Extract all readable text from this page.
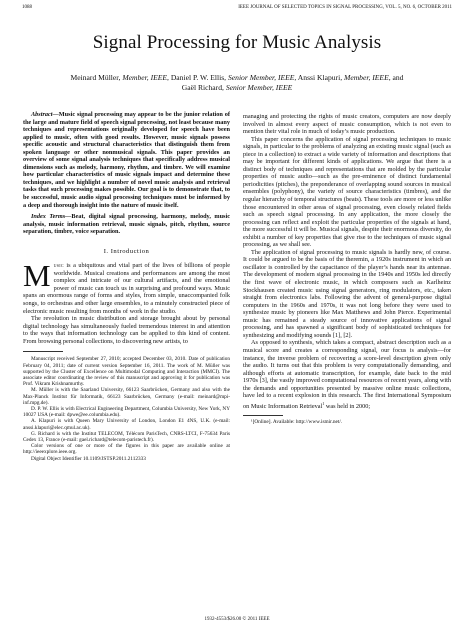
1088	IEEE JOURNAL OF SELECTED TOPICS IN SIGNAL PROCESSING, VOL. 5, NO. 6, OCTOBER 2011
Signal Processing for Music Analysis
Meinard Müller, Member, IEEE, Daniel P. W. Ellis, Senior Member, IEEE, Anssi Klapuri, Member, IEEE, and
Gaël Richard, Senior Member, IEEE

Abstract—Music signal processing may appear to be the junior relation of the large and mature field of speech signal processing, not least because many techniques and representations originally developed for speech have been applied to music, often with good results. However, music signals possess specific acoustic and structural characteristics that distinguish them from spoken language or other nonmusical signals. This paper provides an overview of some signal analysis techniques that specifically address musical dimensions such as melody, harmony, rhythm, and timbre. We will examine how particular characteristics of music signals impact and determine these techniques, and we highlight a number of novel music analysis and retrieval tasks that such processing makes possible. Our goal is to demonstrate that, to be successful, music audio signal processing techniques must be informed by a deep and thorough insight into the nature of music itself.

Index Terms—Beat, digital signal processing, harmony, melody, music analysis, music information retrieval, music signals, pitch, rhythm, source separation, timbre, voice separation.

I. Introduction

Music is a ubiquitous and vital part of the lives of billions of people worldwide. Musical creations and performances are among the most complex and intricate of our cultural artifacts, and the emotional power of music can touch us in surprising and profound ways. Music spans an enormous range of forms and styles, from simple, unaccompanied folk songs, to orchestras and other large ensembles, to a minutely constructed piece of electronic music resulting from months of work in the studio.

The revolution in music distribution and storage brought about by personal digital technology has simultaneously fueled tremendous interest in and attention to the ways that information technology can be applied to this kind of content. From browsing personal collections, to discovering new artists, to

Manuscript received September 27, 2010; accepted December 03, 2010. Date of publication February 04, 2011; date of current version September 16, 2011. The work of M. Müller was supported by the Cluster of Excellence on Multimodal Computing and Interaction (MMCI). The associate editor coordinating the review of this manuscript and approving it for publication was Prof. Vikram Krishnamurthy.

M. Müller is with the Saarland University, 66123 Saarbrücken, Germany and also with the Max-Planck Institut für Informatik, 66123 Saarbrücken, Germany (e-mail: meinard@mpi-inf.mpg.de).

D. P. W. Ellis is with Electrical Engineering Department, Columbia University, New York, NY 10027 USA (e-mail: dpwe@ee.columbia.edu).

A. Klapuri is with Queen Mary University of London, London E1 4NS, U.K. (e-mail: anssi.klapuri@elec.qmul.ac.uk).

G. Richard is with the Institut TELECOM, Télécom ParisTech, CNRS-LTCI, F-75634 Paris Cedex 13, France (e-mail: gael.richard@telecom-paristech.fr).

Color versions of one or more of the figures in this paper are available online at http://ieeexplore.ieee.org.

Digital Object Identifier 10.1109/JSTSP.2011.2112333

managing and protecting the rights of music creators, computers are now deeply involved in almost every aspect of music consumption, which is not even to mention their vital role in much of today’s music production.

This paper concerns the application of signal processing techniques to music signals, in particular to the problems of analyzing an existing music signal (such as piece in a collection) to extract a wide variety of information and descriptions that may be important for different kinds of applications. We argue that there is a distinct body of techniques and representations that are molded by the particular properties of music audio—such as the pre-eminence of distinct fundamental periodicities (pitches), the preponderance of overlapping sound sources in musical ensembles (polyphony), the variety of source characteristics (timbres), and the regular hierarchy of temporal structures (beats). These tools are more or less unlike those encountered in other areas of signal processing, even closely related fields such as speech signal processing. In any application, the more closely the processing can reflect and exploit the particular properties of the signals at hand, the more successful it will be. Musical signals, despite their enormous diversity, do exhibit a number of key properties that give rise to the techniques of music signal processing, as we shall see.

The application of signal processing to music signals is hardly new, of course. It could be argued to be the basis of the theremin, a 1920s instrument in which an oscillator is controlled by the capacitance of the player’s hands near its antennae. The development of modern signal processing in the 1940s and 1950s led directly the first wave of electronic music, in which composers such as Karlheinz Stockhausen created music using signal generators, ring modulators, etc., taken straight from electronics labs. Following the advent of general-purpose digital computers in the 1960s and 1970s, it was not long before they were used to synthesize music by pioneers like Max Matthews and John Pierce. Experimental music has remained a steady source of innovative applications of signal processing, and has spawned a significant body of sophisticated techniques for synthesizing and modifying sounds [1], [2].

As opposed to synthesis, which takes a compact, abstract description such as a musical score and creates a corresponding signal, our focus is analysis—for instance, the inverse problem of recovering a score-level description given only the audio. It turns out that this problem is very computationally demanding, and although efforts at automatic transcription, for example, date back to the mid 1970s [3], the vastly improved computational resources of recent years, along with the demands and opportunities presented by massive online music collections, have led to a recent explosion in this research. The first International Symposium on Music Information Retrieval$^1$ was held in 2000;

¹[Online]. Available: http://www.ismir.net/.

1932-4553/$26.00 © 2011 IEEE
